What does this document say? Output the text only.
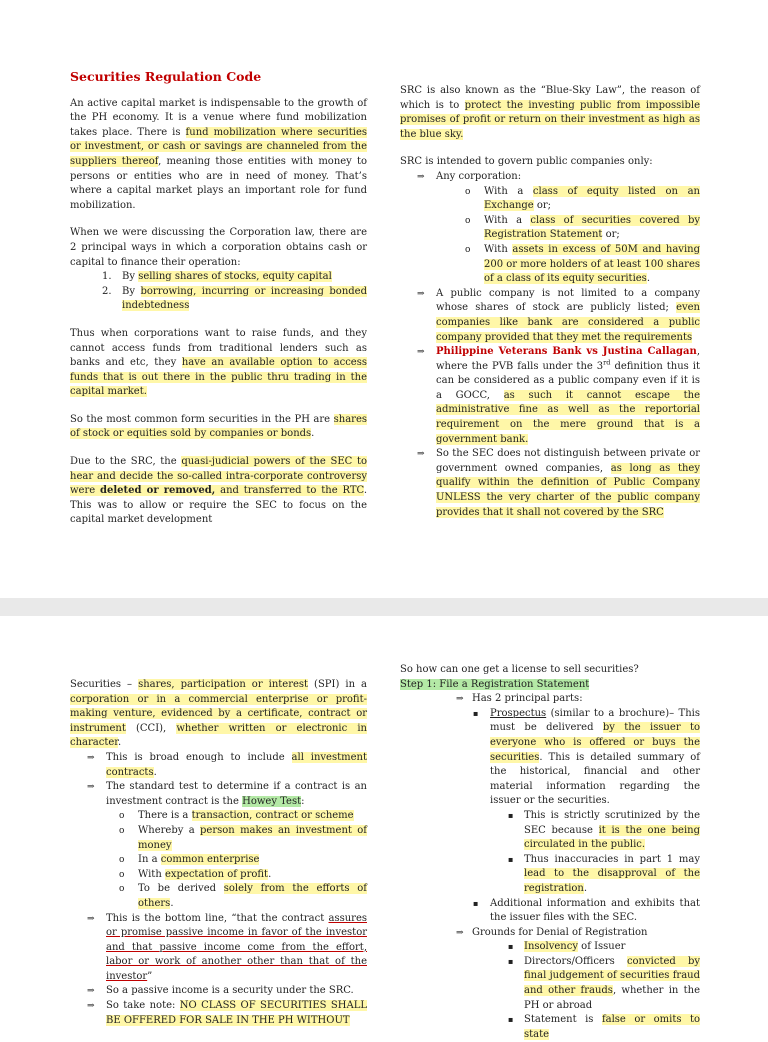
Securities Regulation Code

An active capital market is indispensable to the growth of the PH economy. It is a venue where fund mobilization takes place. There is fund mobilization where securities or investment, or cash or savings are channeled from the suppliers thereof, meaning those entities with money to persons or entities who are in need of money. That’s where a capital market plays an important role for fund mobilization.

When we were discussing the Corporation law, there are 2 principal ways in which a corporation obtains cash or capital to finance their operation:

1. By selling shares of stocks, equity capital
2. By borrowing, incurring or increasing bonded indebtedness

Thus when corporations want to raise funds, and they cannot access funds from traditional lenders such as banks and etc, they have an available option to access funds that is out there in the public thru trading in the capital market.

So the most common form securities in the PH are shares of stock or equities sold by companies or bonds.

Due to the SRC, the quasi-judicial powers of the SEC to hear and decide the so-called intra-corporate controversy were deleted or removed, and transferred to the RTC. This was to allow or require the SEC to focus on the capital market development

SRC is also known as the “Blue-Sky Law”, the reason of which is to protect the investing public from impossible promises of profit or return on their investment as high as the blue sky.

SRC is intended to govern public companies only:

⇒ Any corporation:
o With a class of equity listed on an Exchange or;
o With a class of securities covered by Registration Statement or;
o With assets in excess of 50M and having 200 or more holders of at least 100 shares of a class of its equity securities.
⇒ A public company is not limited to a company whose shares of stock are publicly listed; even companies like bank are considered a public company provided that they met the requirements
⇒ Philippine Veterans Bank vs Justina Callagan, where the PVB falls under the 3rd definition thus it can be considered as a public company even if it is a GOCC, as such it cannot escape the administrative fine as well as the reportorial requirement on the mere ground that is a government bank.
⇒ So the SEC does not distinguish between private or government owned companies, as long as they qualify within the definition of Public Company UNLESS the very charter of the public company provides that it shall not covered by the SRC

Securities – shares, participation or interest (SPI) in a corporation or in a commercial enterprise or profit-making venture, evidenced by a certificate, contract or instrument (CCI), whether written or electronic in character.

⇒ This is broad enough to include all investment contracts.
⇒ The standard test to determine if a contract is an investment contract is the Howey Test:
o There is a transaction, contract or scheme
o Whereby a person makes an investment of money
o In a common enterprise
o With expectation of profit.
o To be derived solely from the efforts of others.
⇒ This is the bottom line, “that the contract assures or promise passive income in favor of the investor and that passive income come from the effort, labor or work of another other than that of the investor”
⇒ So a passive income is a security under the SRC.
⇒ So take note: NO CLASS OF SECURITIES SHALL BE OFFERED FOR SALE IN THE PH WITHOUT

So how can one get a license to sell securities?

Step 1: File a Registration Statement

⇒ Has 2 principal parts:
▪ Prospectus (similar to a brochure)– This must be delivered by the issuer to everyone who is offered or buys the securities. This is detailed summary of the historical, financial and other material information regarding the issuer or the securities.
▪ This is strictly scrutinized by the SEC because it is the one being circulated in the public.
▪ Thus inaccuracies in part 1 may lead to the disapproval of the registration.
▪ Additional information and exhibits that the issuer files with the SEC.
⇒ Grounds for Denial of Registration
▪ Insolvency of Issuer
▪ Directors/Officers convicted by final judgement of securities fraud and other frauds, whether in the PH or abroad
▪ Statement is false or omits to state
